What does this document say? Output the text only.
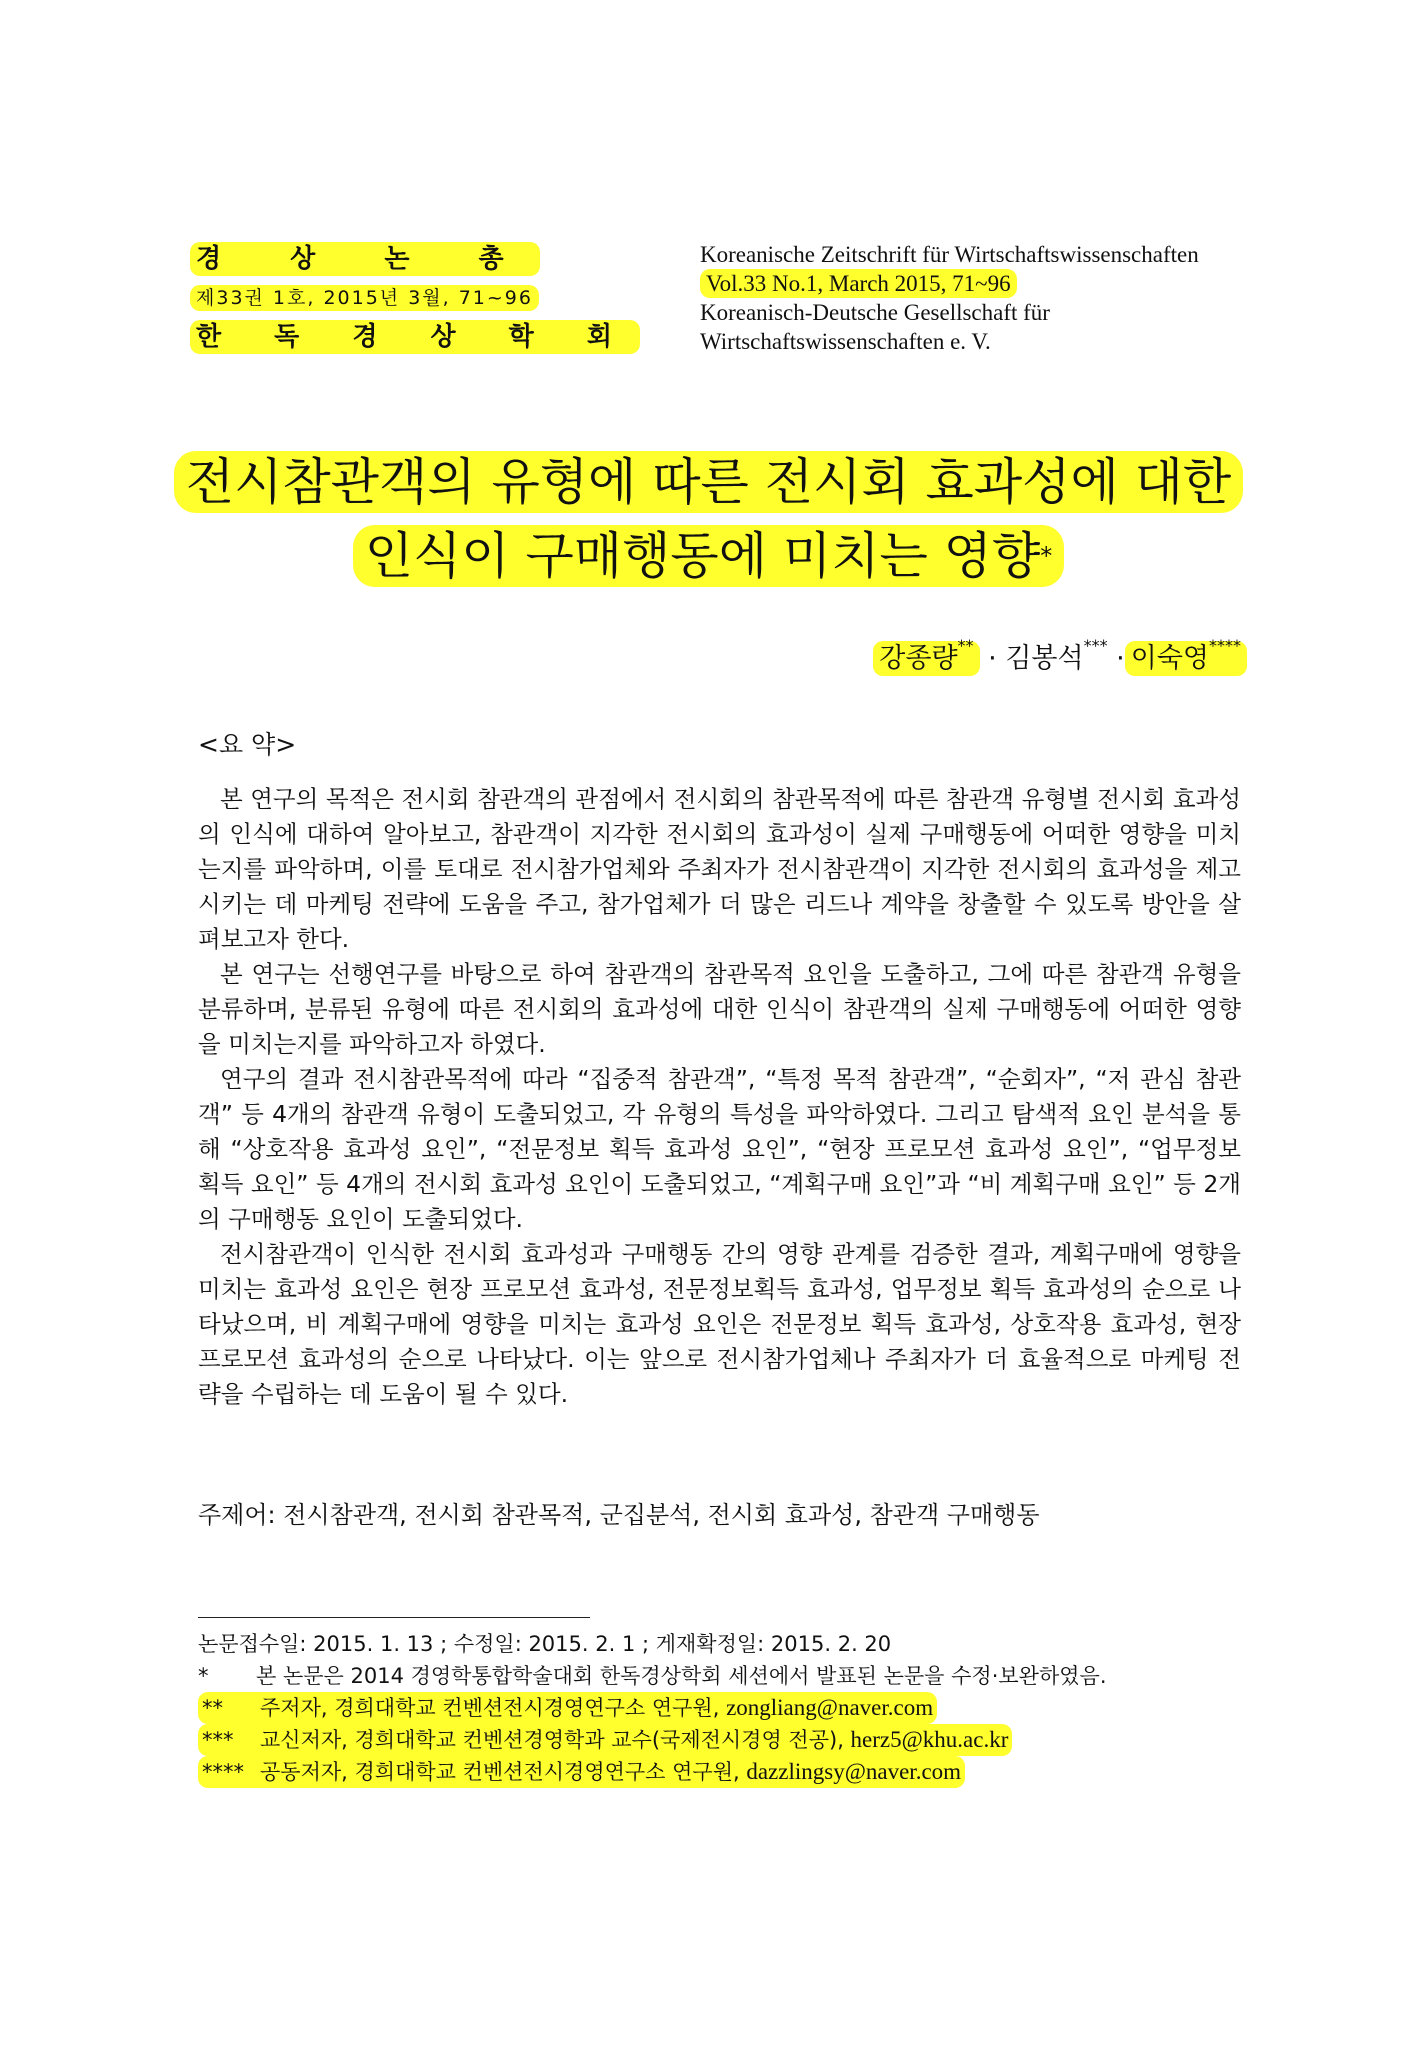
경 상 논 총
제33권 1호, 2015년 3월, 71~96
한 독 경 상 학 회
Koreanische Zeitschrift für Wirtschaftswissenschaften
Vol.33 No.1, March 2015, 71~96
Koreanisch-Deutsche Gesellschaft für
Wirtschaftswissenschaften e. V.
전시참관객의 유형에 따른 전시회 효과성에 대한
인식이 구매행동에 미치는 영향*
강종량** · 김봉석*** · 이숙영****
<요 약>

본 연구의 목적은 전시회 참관객의 관점에서 전시회의 참관목적에 따른 참관객 유형별 전시회 효과성의 인식에 대하여 알아보고, 참관객이 지각한 전시회의 효과성이 실제 구매행동에 어떠한 영향을 미치는지를 파악하며, 이를 토대로 전시참가업체와 주최자가 전시참관객이 지각한 전시회의 효과성을 제고시키는 데 마케팅 전략에 도움을 주고, 참가업체가 더 많은 리드나 계약을 창출할 수 있도록 방안을 살펴보고자 한다.

본 연구는 선행연구를 바탕으로 하여 참관객의 참관목적 요인을 도출하고, 그에 따른 참관객 유형을 분류하며, 분류된 유형에 따른 전시회의 효과성에 대한 인식이 참관객의 실제 구매행동에 어떠한 영향을 미치는지를 파악하고자 하였다.

연구의 결과 전시참관목적에 따라 “집중적 참관객”, “특정 목적 참관객”, “순회자”, “저 관심 참관객” 등 4개의 참관객 유형이 도출되었고, 각 유형의 특성을 파악하였다. 그리고 탐색적 요인 분석을 통해 “상호작용 효과성 요인”, “전문정보 획득 효과성 요인”, “현장 프로모션 효과성 요인”, “업무정보 획득 요인” 등 4개의 전시회 효과성 요인이 도출되었고, “계획구매 요인”과 “비 계획구매 요인” 등 2개의 구매행동 요인이 도출되었다.

전시참관객이 인식한 전시회 효과성과 구매행동 간의 영향 관계를 검증한 결과, 계획구매에 영향을 미치는 효과성 요인은 현장 프로모션 효과성, 전문정보획득 효과성, 업무정보 획득 효과성의 순으로 나타났으며, 비 계획구매에 영향을 미치는 효과성 요인은 전문정보 획득 효과성, 상호작용 효과성, 현장 프로모션 효과성의 순으로 나타났다. 이는 앞으로 전시참가업체나 주최자가 더 효율적으로 마케팅 전략을 수립하는 데 도움이 될 수 있다.

주제어: 전시참관객, 전시회 참관목적, 군집분석, 전시회 효과성, 참관객 구매행동
논문접수일: 2015. 1. 13 ; 수정일: 2015. 2. 1 ; 게재확정일: 2015. 2. 20
*	본 논문은 2014 경영학통합학술대회 한독경상학회 세션에서 발표된 논문을 수정·보완하였음.
** 주저자, 경희대학교 컨벤션전시경영연구소 연구원, zongliang@naver.com
*** 교신저자, 경희대학교 컨벤션경영학과 교수(국제전시경영 전공), herz5@khu.ac.kr
**** 공동저자, 경희대학교 컨벤션전시경영연구소 연구원, dazzlingsy@naver.com
